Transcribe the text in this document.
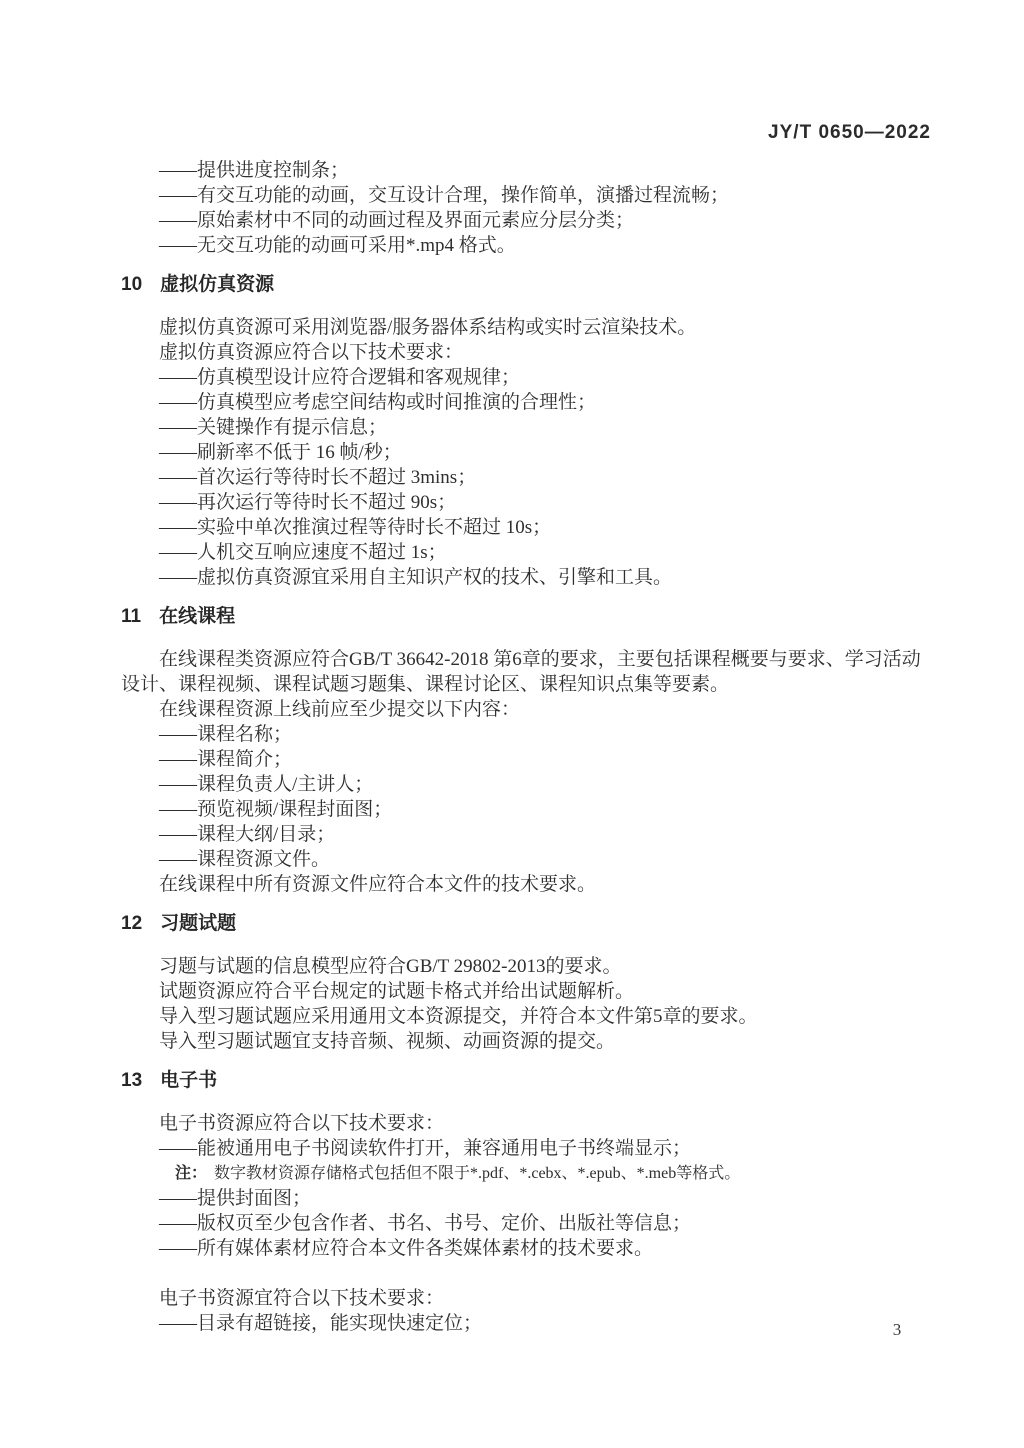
JY/T 0650—2022

——提供进度控制条；

——有交互功能的动画，交互设计合理，操作简单，演播过程流畅；

——原始素材中不同的动画过程及界面元素应分层分类；

——无交互功能的动画可采用*.mp4 格式。

10 虚拟仿真资源

虚拟仿真资源可采用浏览器/服务器体系结构或实时云渲染技术。

虚拟仿真资源应符合以下技术要求：

——仿真模型设计应符合逻辑和客观规律；

——仿真模型应考虑空间结构或时间推演的合理性；

——关键操作有提示信息；

——刷新率不低于 16 帧/秒；

——首次运行等待时长不超过 3mins；

——再次运行等待时长不超过 90s；

——实验中单次推演过程等待时长不超过 10s；

——人机交互响应速度不超过 1s；

——虚拟仿真资源宜采用自主知识产权的技术、引擎和工具。

11 在线课程

在线课程类资源应符合GB/T 36642-2018 第6章的要求，主要包括课程概要与要求、学习活动设计、课程视频、课程试题习题集、课程讨论区、课程知识点集等要素。

在线课程资源上线前应至少提交以下内容：

——课程名称；

——课程简介；

——课程负责人/主讲人；

——预览视频/课程封面图；

——课程大纲/目录；

——课程资源文件。

在线课程中所有资源文件应符合本文件的技术要求。

12 习题试题

习题与试题的信息模型应符合GB/T 29802-2013的要求。

试题资源应符合平台规定的试题卡格式并给出试题解析。

导入型习题试题应采用通用文本资源提交，并符合本文件第5章的要求。

导入型习题试题宜支持音频、视频、动画资源的提交。

13 电子书

电子书资源应符合以下技术要求：

——能被通用电子书阅读软件打开，兼容通用电子书终端显示；

注： 数字教材资源存储格式包括但不限于*.pdf、*.cebx、*.epub、*.meb等格式。

——提供封面图；

——版权页至少包含作者、书名、书号、定价、出版社等信息；

——所有媒体素材应符合本文件各类媒体素材的技术要求。

电子书资源宜符合以下技术要求：

——目录有超链接，能实现快速定位；	3
